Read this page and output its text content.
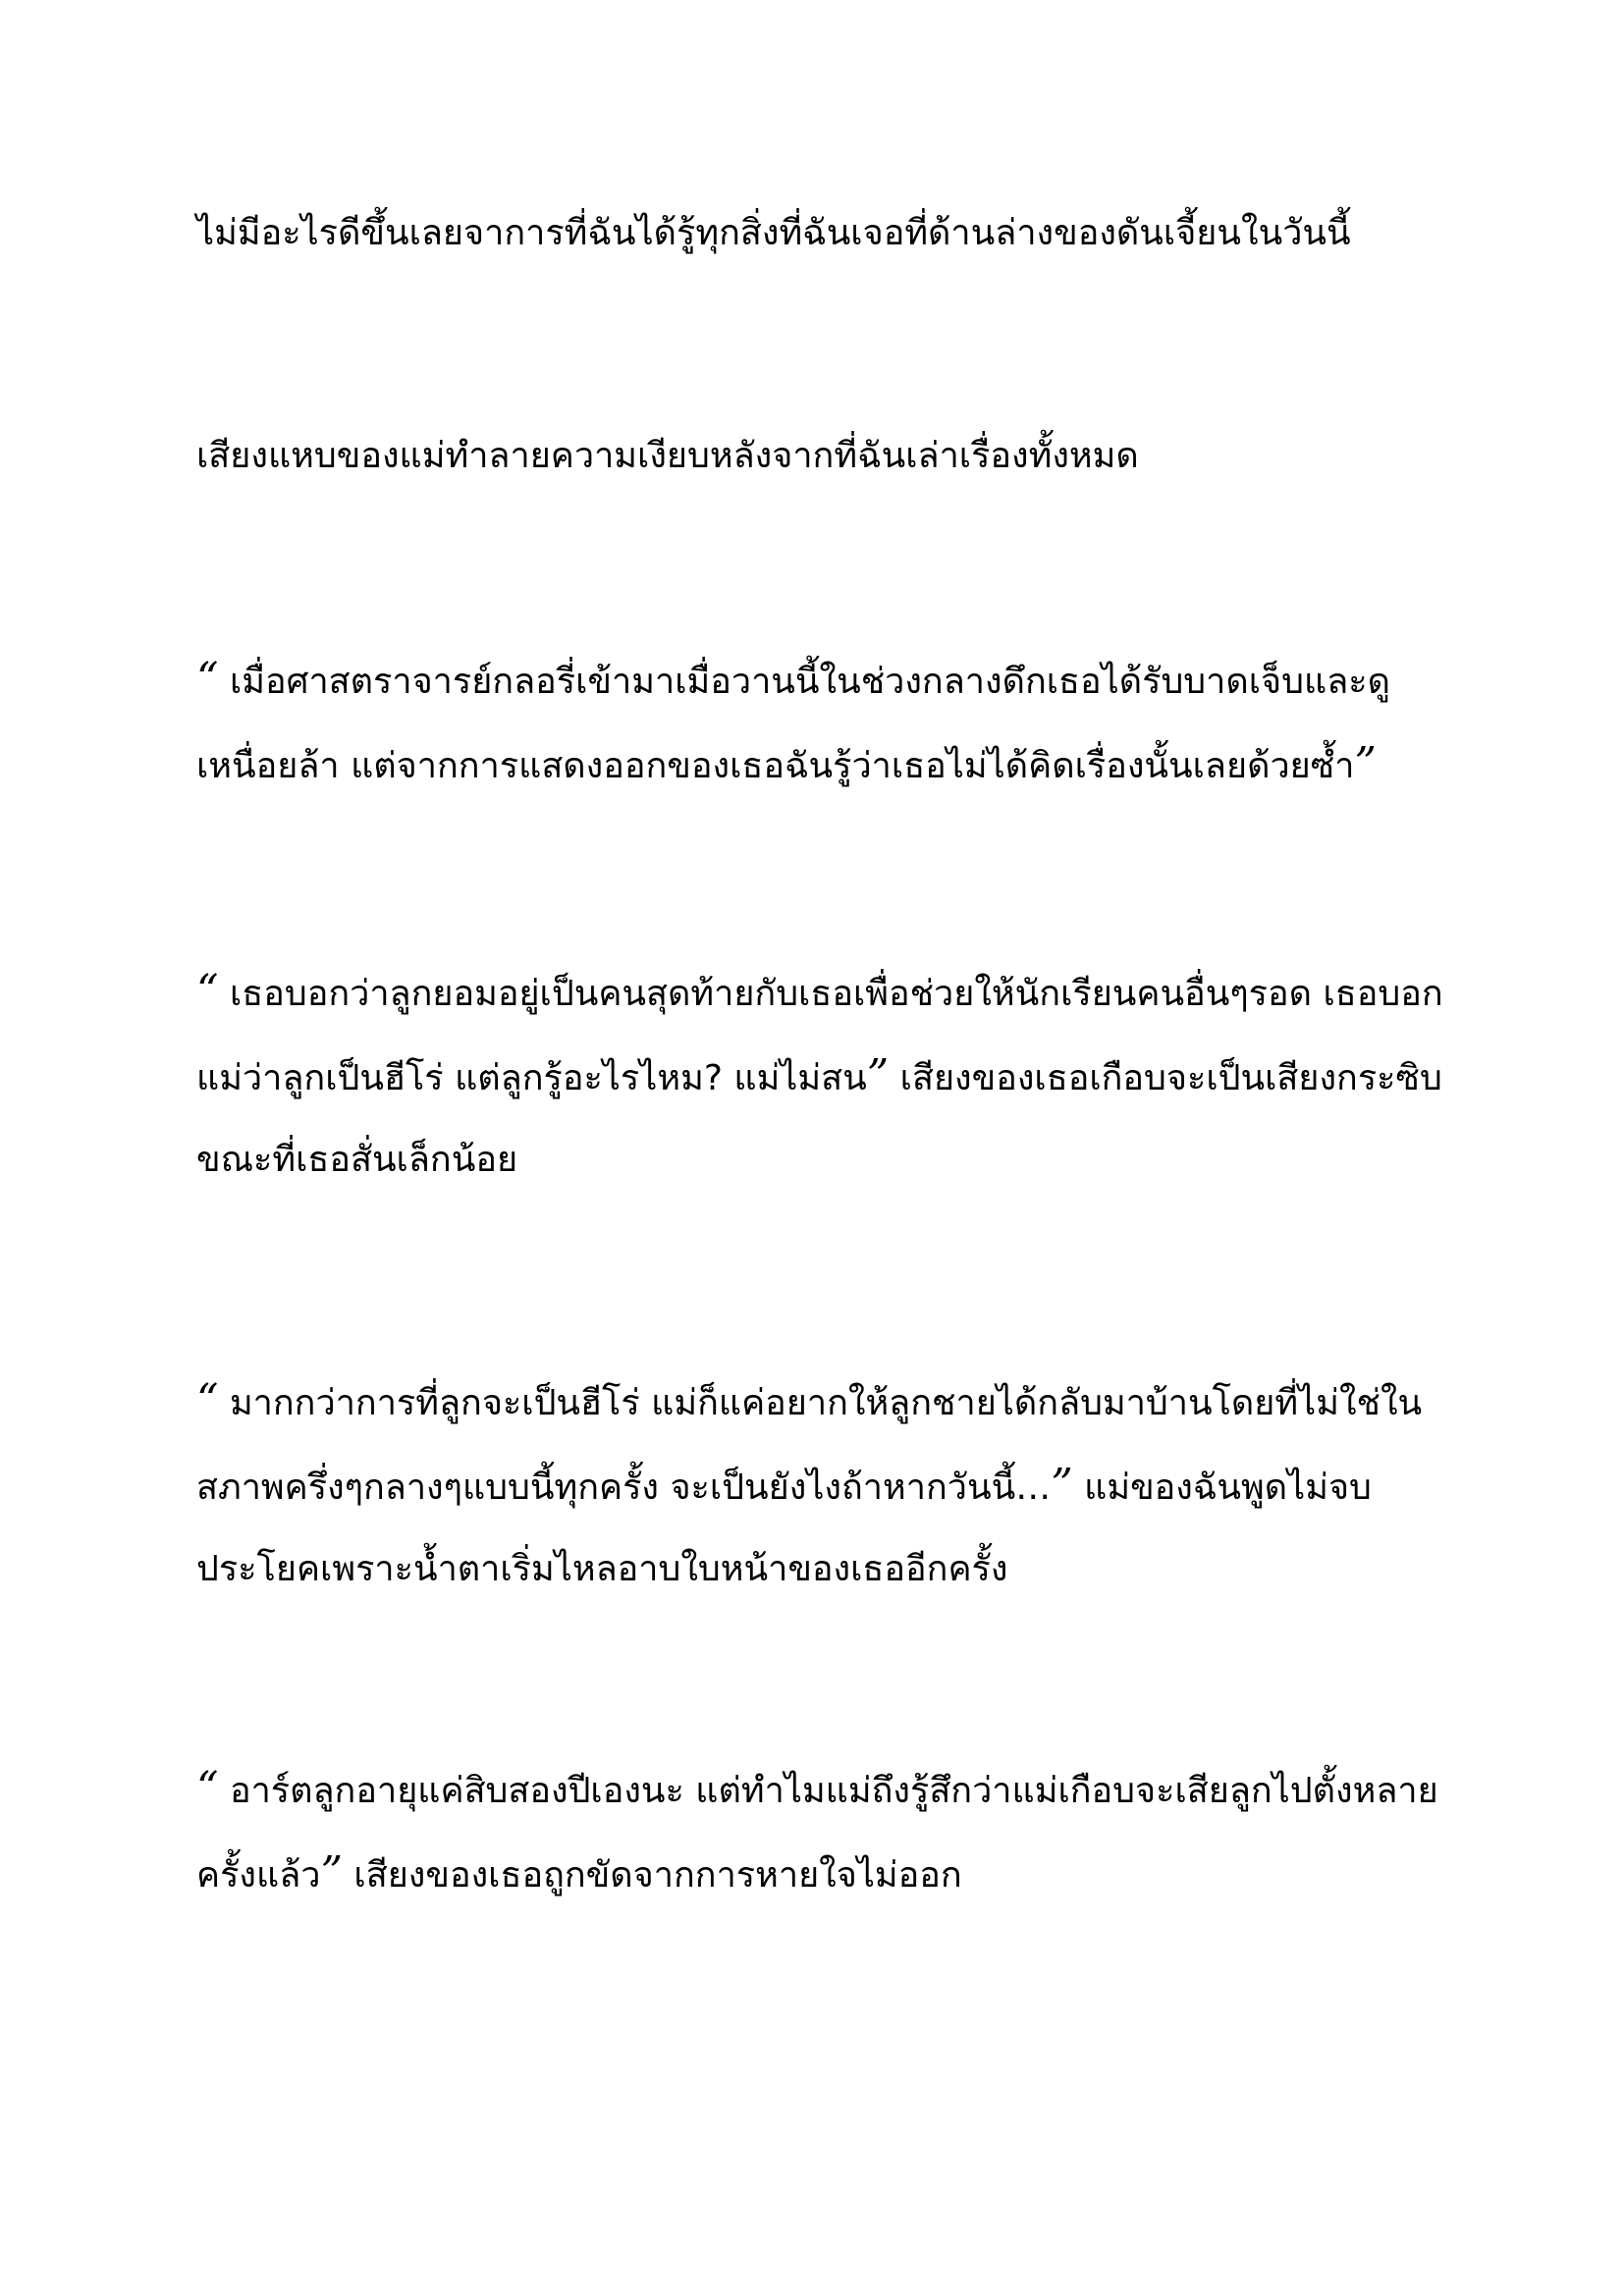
ไม่มีอะไรดีขึ้นเลยจาการที่ฉันได้รู้ทุกสิ่งที่ฉันเจอที่ด้านล่างของดันเจี้ยนในวันนี้

เสียงแหบของแม่ทำลายความเงียบหลังจากที่ฉันเล่าเรื่องทั้งหมด

“ เมื่อศาสตราจารย์กลอรี่เข้ามาเมื่อวานนี้ในช่วงกลางดึกเธอได้รับบาดเจ็บและดูเหนื่อยล้า แต่จากการแสดงออกของเธอฉันรู้ว่าเธอไม่ได้คิดเรื่องนั้นเลยด้วยซ้ำ”

“ เธอบอกว่าลูกยอมอยู่เป็นคนสุดท้ายกับเธอเพื่อช่วยให้นักเรียนคนอื่นๆรอด เธอบอกแม่ว่าลูกเป็นฮีโร่ แต่ลูกรู้อะไรไหม? แม่ไม่สน” เสียงของเธอเกือบจะเป็นเสียงกระซิบขณะที่เธอสั่นเล็กน้อย

“ มากกว่าการที่ลูกจะเป็นฮีโร่ แม่ก็แค่อยากให้ลูกชายได้กลับมาบ้านโดยที่ไม่ใช่ในสภาพครึ่งๆกลางๆแบบนี้ทุกครั้ง จะเป็นยังไงถ้าหากวันนี้…” แม่ของฉันพูดไม่จบประโยคเพราะน้ำตาเริ่มไหลอาบใบหน้าของเธออีกครั้ง

“ อาร์ตลูกอายุแค่สิบสองปีเองนะ แต่ทำไมแม่ถึงรู้สึกว่าแม่เกือบจะเสียลูกไปตั้งหลายครั้งแล้ว” เสียงของเธอถูกขัดจากการหายใจไม่ออก
